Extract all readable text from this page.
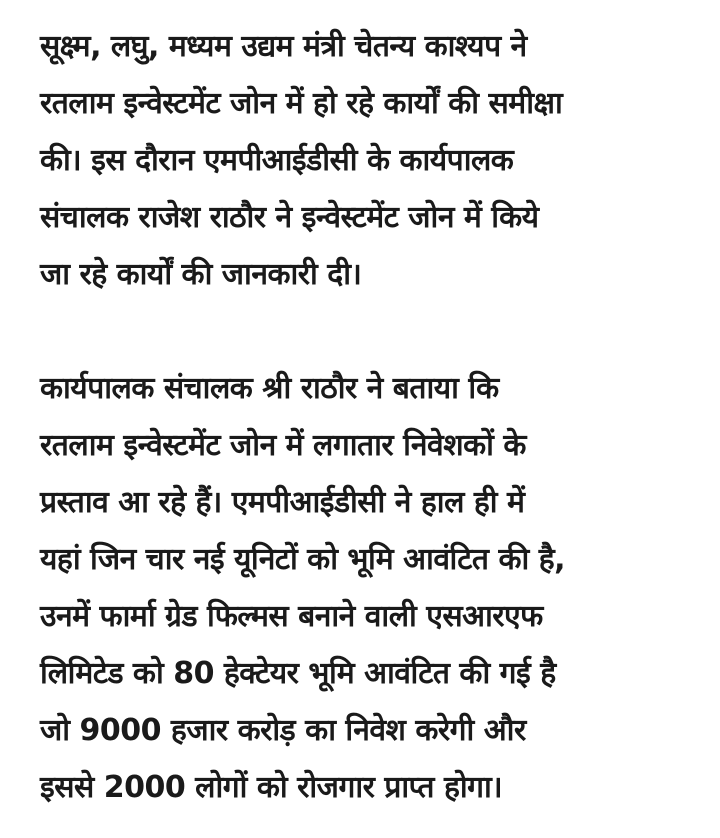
सूक्ष्म, लघु, मध्यम उद्यम मंत्री चेतन्य काश्यप ने
रतलाम इन्वेस्टमेंट जोन में हो रहे कार्यों की समीक्षा
की। इस दौरान एमपीआईडीसी के कार्यपालक
संचालक राजेश राठौर ने इन्वेस्टमेंट जोन में किये
जा रहे कार्यों की जानकारी दी।
कार्यपालक संचालक श्री राठौर ने बताया कि
रतलाम इन्वेस्टमेंट जोन में लगातार निवेशकों के
प्रस्ताव आ रहे हैं। एमपीआईडीसी ने हाल ही में
यहां जिन चार नई यूनिटों को भूमि आवंटित की है,
उनमें फार्मा ग्रेड फिल्मस बनाने वाली एसआरएफ
लिमिटेड को 80 हेक्टेयर भूमि आवंटित की गई है
जो 9000 हजार करोड़ का निवेश करेगी और
इससे 2000 लोगों को रोजगार प्राप्त होगा।
